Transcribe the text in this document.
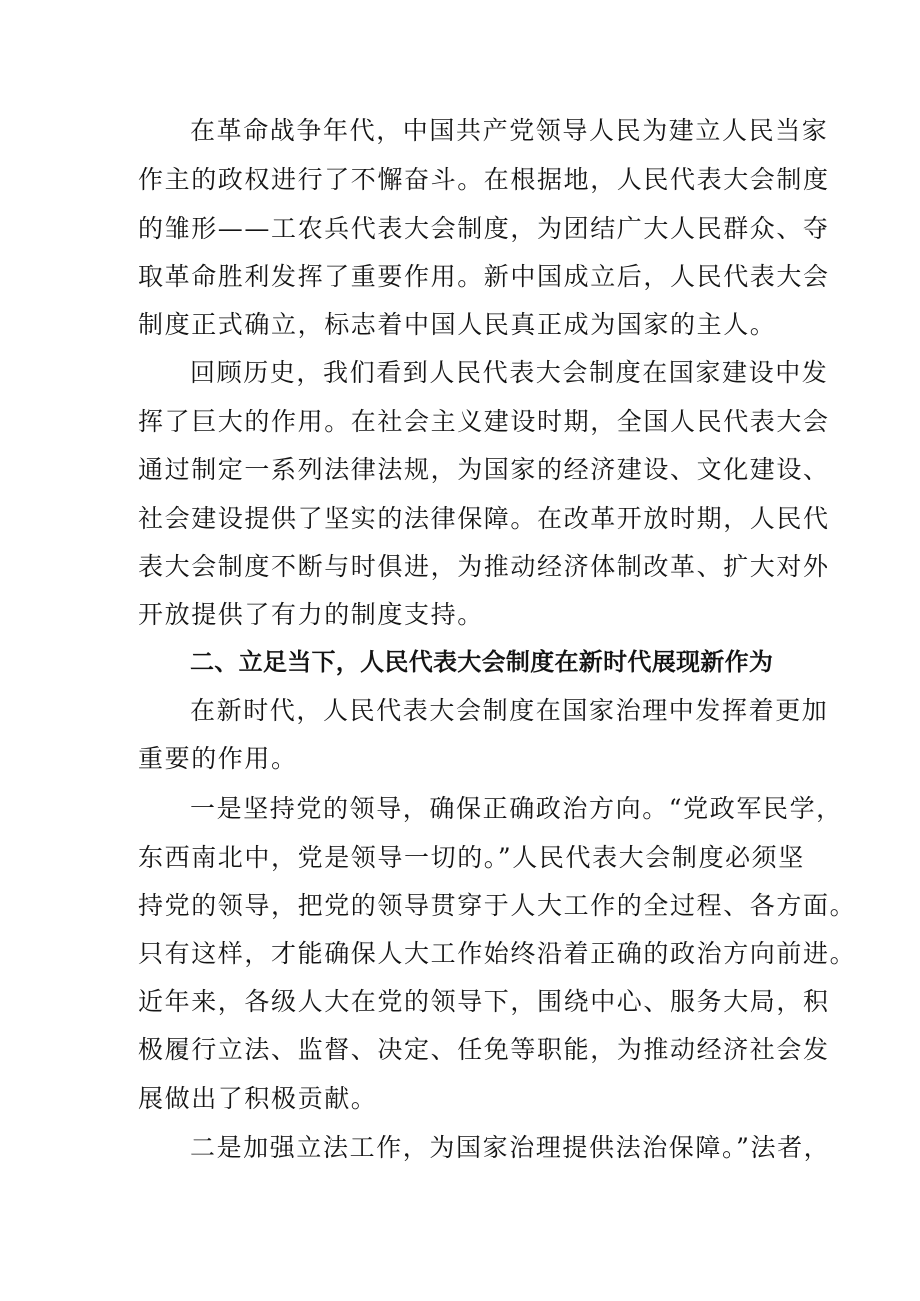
在革命战争年代，中国共产党领导人民为建立人民当家
作主的政权进行了不懈奋斗。在根据地，人民代表大会制度
的雏形——工农兵代表大会制度，为团结广大人民群众、夺
取革命胜利发挥了重要作用。新中国成立后，人民代表大会
制度正式确立，标志着中国人民真正成为国家的主人。
回顾历史，我们看到人民代表大会制度在国家建设中发
挥了巨大的作用。在社会主义建设时期，全国人民代表大会
通过制定一系列法律法规，为国家的经济建设、文化建设、
社会建设提供了坚实的法律保障。在改革开放时期，人民代
表大会制度不断与时俱进，为推动经济体制改革、扩大对外
开放提供了有力的制度支持。
二、立足当下，人民代表大会制度在新时代展现新作为
在新时代，人民代表大会制度在国家治理中发挥着更加
重要的作用。
一是坚持党的领导，确保正确政治方向。“党政军民学，
东西南北中，党是领导一切的。”人民代表大会制度必须坚
持党的领导，把党的领导贯穿于人大工作的全过程、各方面。
只有这样，才能确保人大工作始终沿着正确的政治方向前进。
近年来，各级人大在党的领导下，围绕中心、服务大局，积
极履行立法、监督、决定、任免等职能，为推动经济社会发
展做出了积极贡献。
二是加强立法工作，为国家治理提供法治保障。”法者，
